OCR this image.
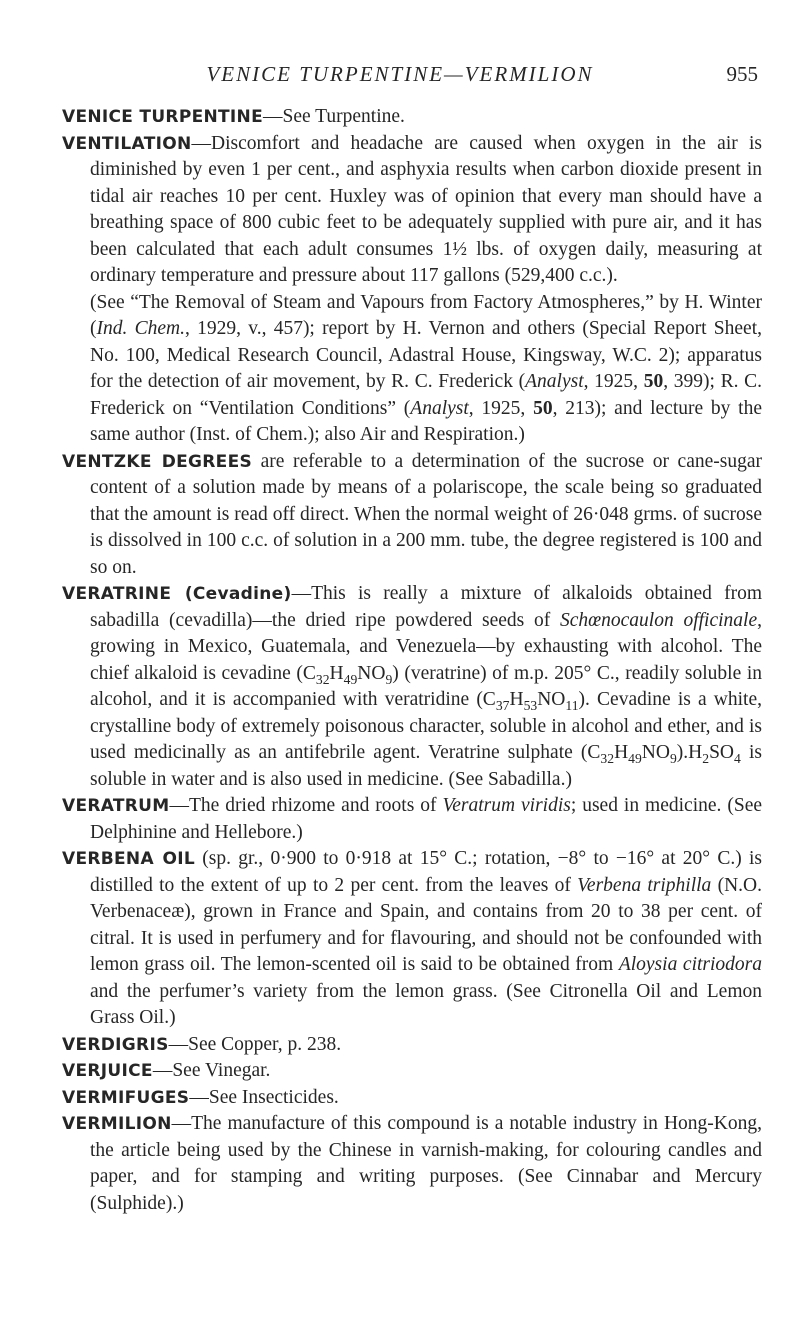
VENICE TURPENTINE—VERMILION	955

VENICE TURPENTINE—See Turpentine.

VENTILATION—Discomfort and headache are caused when oxygen in the air is diminished by even 1 per cent., and asphyxia results when carbon dioxide present in tidal air reaches 10 per cent. Huxley was of opinion that every man should have a breathing space of 800 cubic feet to be adequately supplied with pure air, and it has been calculated that each adult consumes 1½ lbs. of oxygen daily, measuring at ordinary temperature and pressure about 117 gallons (529,400 c.c.).

(See “The Removal of Steam and Vapours from Factory Atmospheres,” by H. Winter (Ind. Chem., 1929, v., 457); report by H. Vernon and others (Special Report Sheet, No. 100, Medical Research Council, Adastral House, Kingsway, W.C. 2); apparatus for the detection of air movement, by R. C. Frederick (Analyst, 1925, 50, 399); R. C. Frederick on “Ventilation Conditions” (Analyst, 1925, 50, 213); and lecture by the same author (Inst. of Chem.); also Air and Respiration.)

VENTZKE DEGREES are referable to a determination of the sucrose or cane-sugar content of a solution made by means of a polariscope, the scale being so graduated that the amount is read off direct. When the normal weight of 26·048 grms. of sucrose is dissolved in 100 c.c. of solution in a 200 mm. tube, the degree registered is 100 and so on.

VERATRINE (Cevadine)—This is really a mixture of alkaloids obtained from sabadilla (cevadilla)—the dried ripe powdered seeds of Schœnocaulon officinale, growing in Mexico, Guatemala, and Venezuela—by exhausting with alcohol. The chief alkaloid is cevadine $(C_{32}H_{49}NO_9)$ (veratrine) of m.p. 205° C., readily soluble in alcohol, and it is accompanied with veratridine $(C_{37}H_{53}NO_{11})$. Cevadine is a white, crystalline body of extremely poisonous character, soluble in alcohol and ether, and is used medicinally as an antifebrile agent. Veratrine sulphate $(C_{32}H_{49}NO_9).H_2SO_4$ is soluble in water and is also used in medicine. (See Sabadilla.)

VERATRUM—The dried rhizome and roots of Veratrum viridis; used in medicine. (See Delphinine and Hellebore.)

VERBENA OIL (sp. gr., 0·900 to 0·918 at 15° C.; rotation, −8° to −16° at 20° C.) is distilled to the extent of up to 2 per cent. from the leaves of Verbena triphilla (N.O. Verbenaceæ), grown in France and Spain, and contains from 20 to 38 per cent. of citral. It is used in perfumery and for flavouring, and should not be confounded with lemon grass oil. The lemon-scented oil is said to be obtained from Aloysia citriodora and the perfumer’s variety from the lemon grass. (See Citronella Oil and Lemon Grass Oil.)

VERDIGRIS—See Copper, p. 238.

VERJUICE—See Vinegar.

VERMIFUGES—See Insecticides.

VERMILION—The manufacture of this compound is a notable industry in Hong-Kong, the article being used by the Chinese in varnish-making, for colouring candles and paper, and for stamping and writing purposes. (See Cinnabar and Mercury (Sulphide).)
